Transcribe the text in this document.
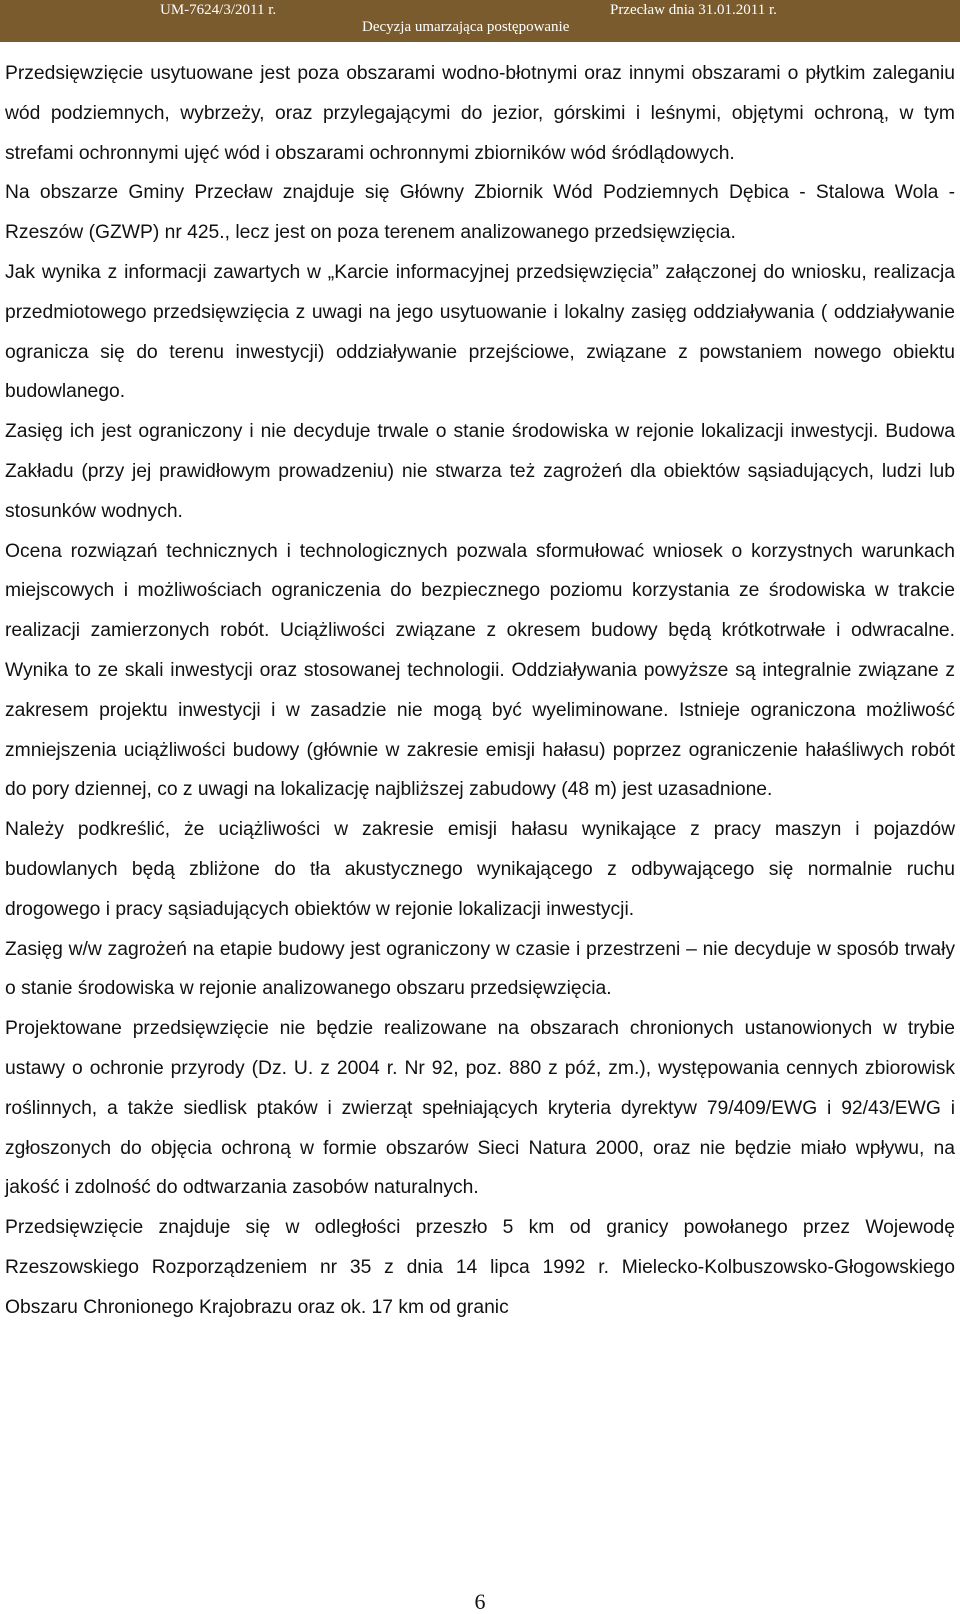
UM-7624/3/2011 r.	Przecław dnia 31.01.2011 r.
Decyzja umarzająca postępowanie

Przedsięwzięcie usytuowane jest poza obszarami wodno-błotnymi oraz innymi obszarami o płytkim zaleganiu wód podziemnych, wybrzeży, oraz przylegającymi do jezior, górskimi i leśnymi, objętymi ochroną, w tym strefami ochronnymi ujęć wód i obszarami ochronnymi zbiorników wód śródlądowych.

Na obszarze Gminy Przecław znajduje się Główny Zbiornik Wód Podziemnych Dębica - Stalowa Wola - Rzeszów (GZWP) nr 425., lecz jest on poza terenem analizowanego przedsięwzięcia.

Jak wynika z informacji zawartych w „Karcie informacyjnej przedsięwzięcia” załączonej do wniosku, realizacja przedmiotowego przedsięwzięcia z uwagi na jego usytuowanie i lokalny zasięg oddziaływania ( oddziaływanie ogranicza się do terenu inwestycji) oddziaływanie przejściowe, związane z powstaniem nowego obiektu budowlanego.

Zasięg ich jest ograniczony i nie decyduje trwale o stanie środowiska w rejonie lokalizacji inwestycji. Budowa Zakładu (przy jej prawidłowym prowadzeniu) nie stwarza też zagrożeń dla obiektów sąsiadujących, ludzi lub stosunków wodnych.

Ocena rozwiązań technicznych i technologicznych pozwala sformułować wniosek o korzystnych warunkach miejscowych i możliwościach ograniczenia do bezpiecznego poziomu korzystania ze środowiska w trakcie realizacji zamierzonych robót. Uciążliwości związane z okresem budowy będą krótkotrwałe i odwracalne. Wynika to ze skali inwestycji oraz stosowanej technologii. Oddziaływania powyższe są integralnie związane z zakresem projektu inwestycji i w zasadzie nie mogą być wyeliminowane. Istnieje ograniczona możliwość zmniejszenia uciążliwości budowy (głównie w zakresie emisji hałasu) poprzez ograniczenie hałaśliwych robót do pory dziennej, co z uwagi na lokalizację najbliższej zabudowy (48 m) jest uzasadnione.

Należy podkreślić, że uciążliwości w zakresie emisji hałasu wynikające z pracy maszyn i pojazdów budowlanych będą zbliżone do tła akustycznego wynikającego z odbywającego się normalnie ruchu drogowego i pracy sąsiadujących obiektów w rejonie lokalizacji inwestycji.

Zasięg w/w zagrożeń na etapie budowy jest ograniczony w czasie i przestrzeni – nie decyduje w sposób trwały o stanie środowiska w rejonie analizowanego obszaru przedsięwzięcia.

Projektowane przedsięwzięcie nie będzie realizowane na obszarach chronionych ustanowionych w trybie ustawy o ochronie przyrody (Dz. U. z 2004 r. Nr 92, poz. 880 z póź, zm.), występowania cennych zbiorowisk roślinnych, a także siedlisk ptaków i zwierząt spełniających kryteria dyrektyw 79/409/EWG i 92/43/EWG i zgłoszonych do objęcia ochroną w formie obszarów Sieci Natura 2000, oraz nie będzie miało wpływu, na jakość i zdolność do odtwarzania zasobów naturalnych.

Przedsięwzięcie znajduje się w odległości przeszło 5 km od granicy powołanego przez Wojewodę Rzeszowskiego Rozporządzeniem nr 35 z dnia 14 lipca 1992 r. Mielecko-Kolbuszowsko-Głogowskiego Obszaru Chronionego Krajobrazu oraz ok. 17 km od granic

6
